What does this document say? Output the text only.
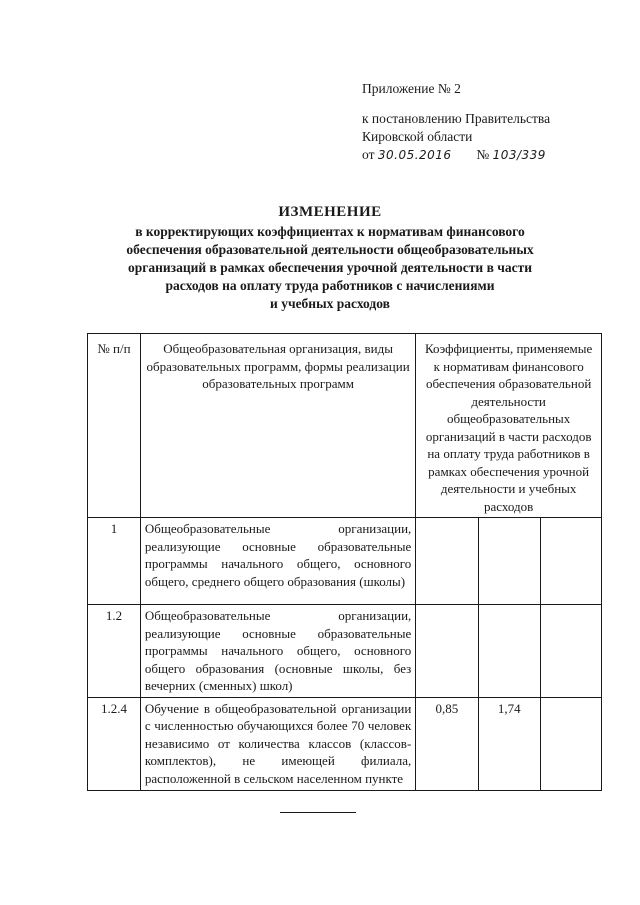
Приложение № 2
к постановлению Правительства
Кировской области
от 30.05.2016 № 103/339
ИЗМЕНЕНИЕ
в корректирующих коэффициентах к нормативам финансового
обеспечения образовательной деятельности общеобразовательных
организаций в рамках обеспечения урочной деятельности в части
расходов на оплату труда работников с начислениями
и учебных расходов
№ п/п	Общеобразовательная организация, виды образовательных программ, формы реализации образовательных программ	Коэффициенты, применяемые к нормативам финансового обеспечения образовательной деятельности общеобразовательных организаций в части расходов на оплату труда работников в рамках обеспечения урочной деятельности и учебных расходов		
1	Общеобразовательные организации, реализующие основные образовательные программы начального общего, основного общего, среднего общего образования (школы)			
1.2	Общеобразовательные организации, реализующие основные образовательные программы начального общего, основного общего образования (основные школы, без вечерних (сменных) школ)			
1.2.4	Обучение в общеобразовательной организации с численностью обучающихся более 70 человек независимо от количества классов (классов-комплектов), не имеющей филиала, расположенной в сельском населенном пункте	0,85	1,74	
